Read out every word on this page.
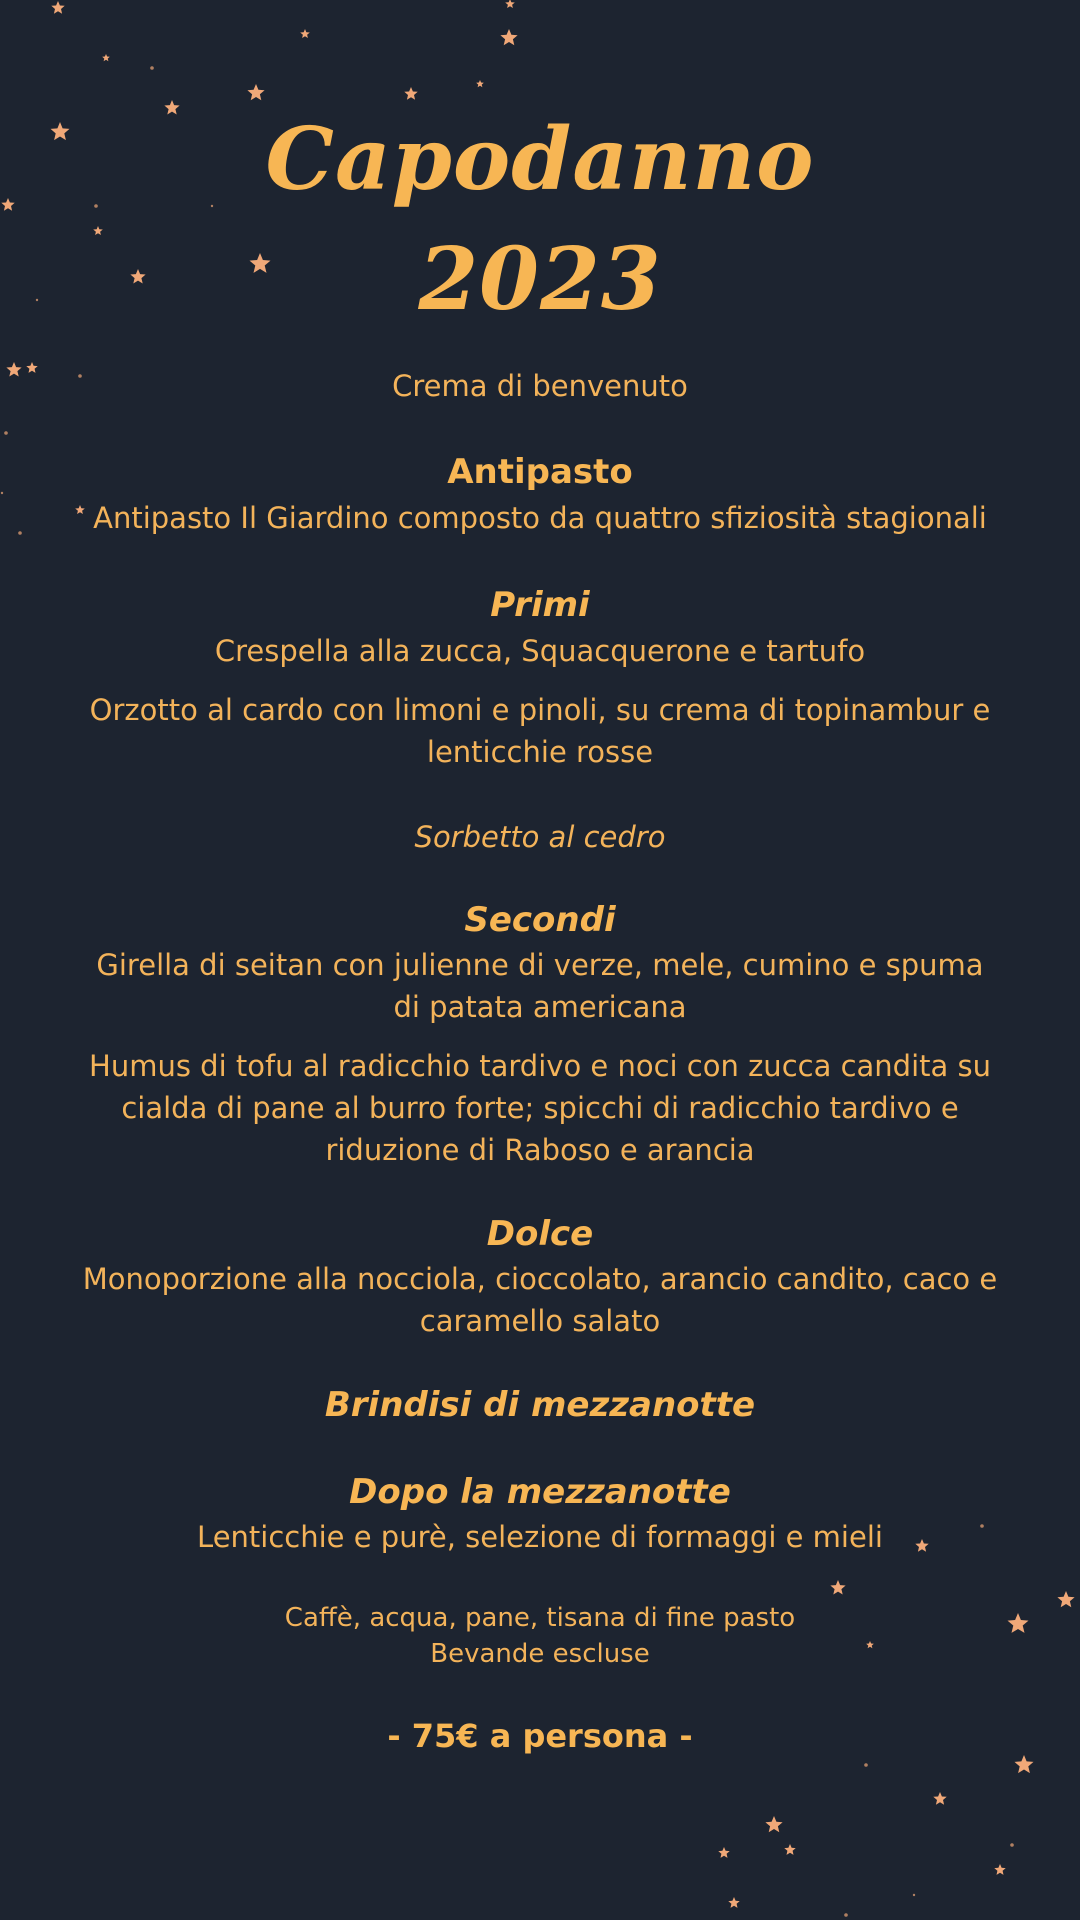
Capodanno
2023
Crema di benvenuto
Antipasto
Antipasto Il Giardino composto da quattro sfiziosità stagionali
Primi
Crespella alla zucca, Squacquerone e tartufo
Orzotto al cardo con limoni e pinoli, su crema di topinambur e
lenticchie rosse
Sorbetto al cedro
Secondi
Girella di seitan con julienne di verze, mele, cumino e spuma
di patata americana
Humus di tofu al radicchio tardivo e noci con zucca candita su
cialda di pane al burro forte; spicchi di radicchio tardivo e
riduzione di Raboso e arancia
Dolce
Monoporzione alla nocciola, cioccolato, arancio candito, caco e
caramello salato
Brindisi di mezzanotte
Dopo la mezzanotte
Lenticchie e purè, selezione di formaggi e mieli
Caffè, acqua, pane, tisana di fine pasto
Bevande escluse
- 75€ a persona -
